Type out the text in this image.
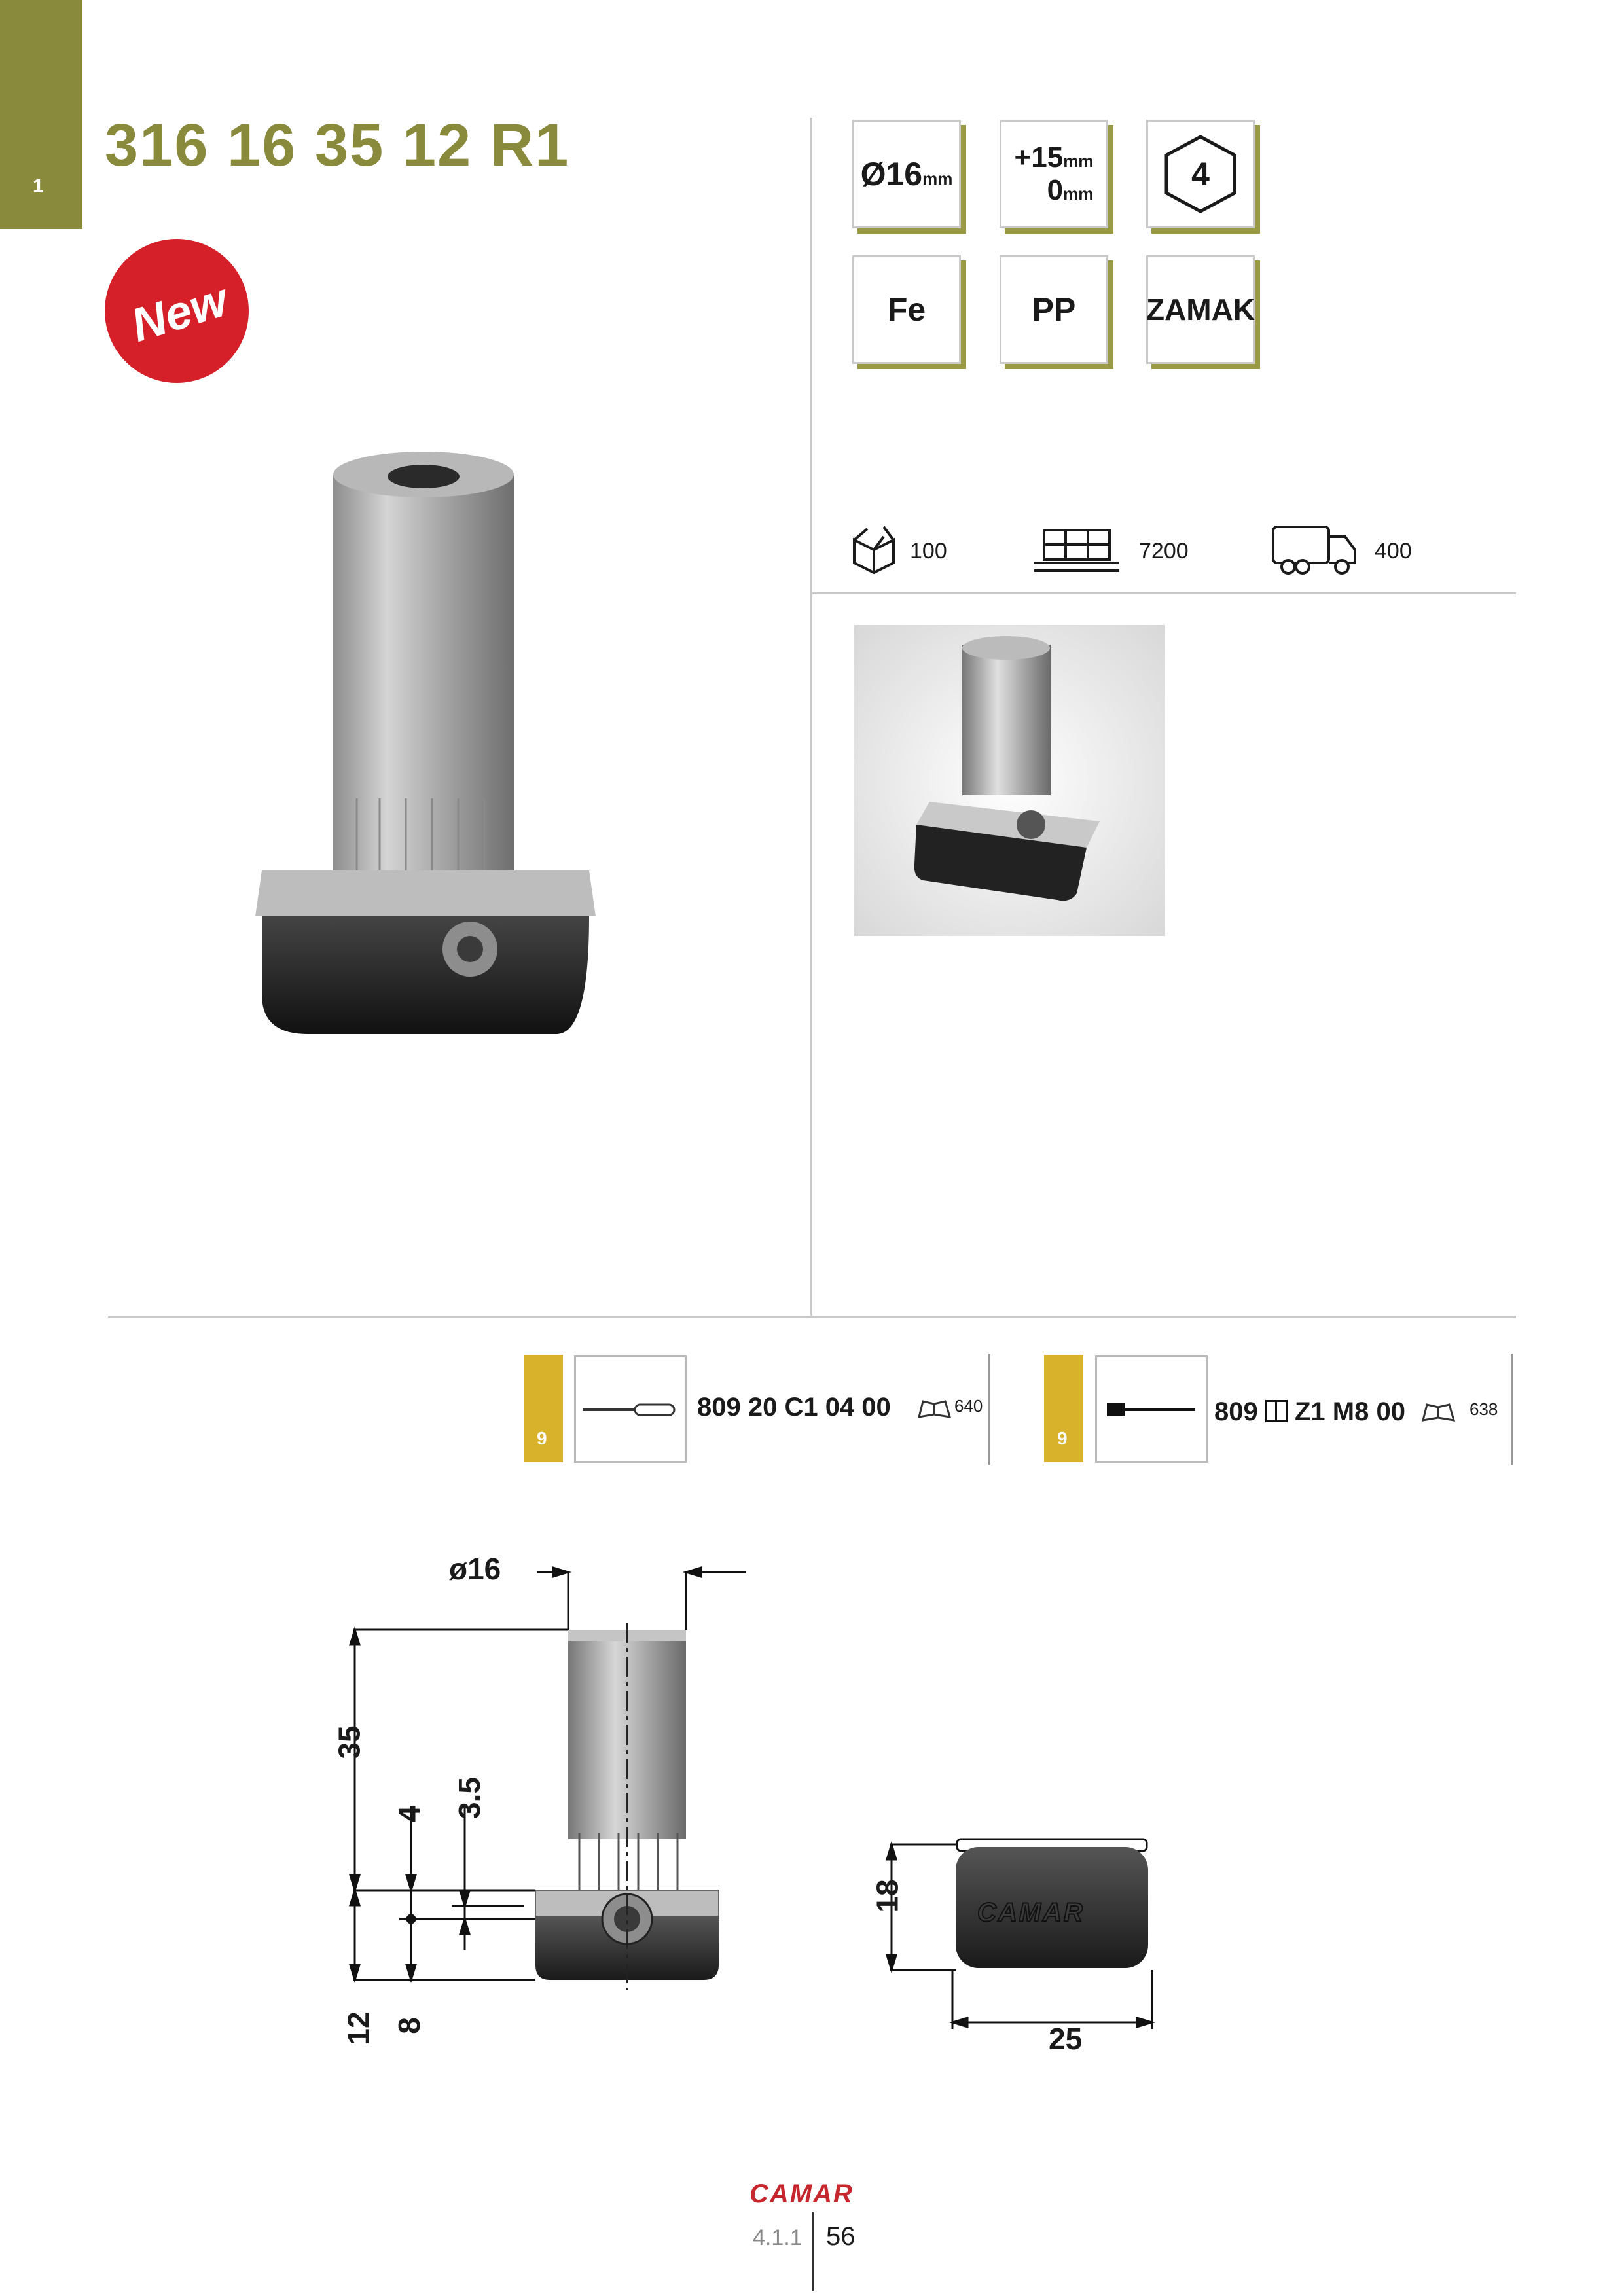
1
316 16 35 12 R1
New
Ø16 mm
+15mm
0mm
4
Fe	PP ZAMAK
100	7200	400
9
809 20 C1 04 00	640
9
809 Z1 M8 00	638
ø16
35
4 3.5
12 8
18
25
CAMAR
CAMAR
4.1.1 56
